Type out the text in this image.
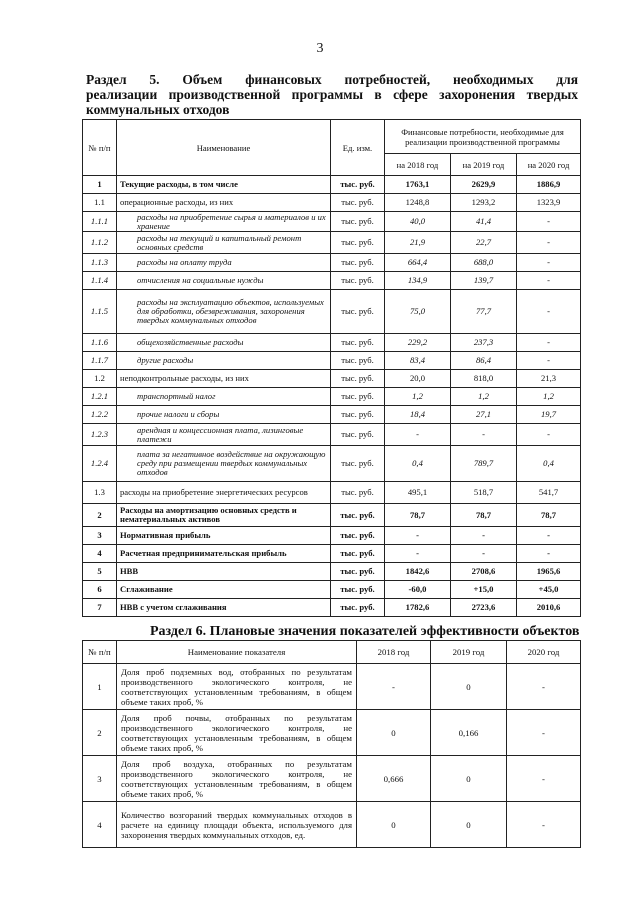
3
Раздел 5. Объем финансовых потребностей, необходимых для
реализации производственной программы в сфере захоронения твердых
коммунальных отходов
№ п/п	Наименование	Ед. изм.	Финансовые потребности, необходимые для реализации производственной программы		
			на 2018 год	на 2019 год	на 2020 год
1	Текущие расходы, в том числе	тыс. руб.	1763,1	2629,9	1886,9
1.1	операционные расходы, из них	тыс. руб.	1248,8	1293,2	1323,9
1.1.1	расходы на приобретение сырья и материалов и их хранение	тыс. руб.	40,0	41,4	-
1.1.2	расходы на текущий и капитальный ремонт основных средств	тыс. руб.	21,9	22,7	-
1.1.3	расходы на оплату труда	тыс. руб.	664,4	688,0	-
1.1.4	отчисления на социальные нужды	тыс. руб.	134,9	139,7	-
1.1.5	расходы на эксплуатацию объектов, используемых для обработки, обезвреживания, захоронения твердых коммунальных отходов	тыс. руб.	75,0	77,7	-
1.1.6	общехозяйственные расходы	тыс. руб.	229,2	237,3	-
1.1.7	другие расходы	тыс. руб.	83,4	86,4	-
1.2	неподконтрольные расходы, из них	тыс. руб.	20,0	818,0	21,3
1.2.1	транспортный налог	тыс. руб.	1,2	1,2	1,2
1.2.2	прочие налоги и сборы	тыс. руб.	18,4	27,1	19,7
1.2.3	арендная и концессионная плата, лизинговые платежи	тыс. руб.	-	-	-
1.2.4	плата за негативное воздействие на окружающую среду при размещении твердых коммунальных отходов	тыс. руб.	0,4	789,7	0,4
1.3	расходы на приобретение энергетических ресурсов	тыс. руб.	495,1	518,7	541,7
2	Расходы на амортизацию основных средств и нематериальных активов	тыс. руб.	78,7	78,7	78,7
3	Нормативная прибыль	тыс. руб.	-	-	-
4	Расчетная предпринимательская прибыль	тыс. руб.	-	-	-
5	НВВ	тыс. руб.	1842,6	2708,6	1965,6
6	Сглаживание	тыс. руб.	-60,0	+15,0	+45,0
7	НВВ с учетом сглаживания	тыс. руб.	1782,6	2723,6	2010,6
Раздел 6. Плановые значения показателей эффективности объектов
№ п/п	Наименование показателя	2018 год	2019 год	2020 год
1	Доля проб подземных вод, отобранных по результатам производственного экологического контроля, не соответствующих установленным требованиям, в общем объеме таких проб, %	-	0	-
2	Доля проб почвы, отобранных по результатам производственного экологического контроля, не соответствующих установленным требованиям, в общем объеме таких проб, %	0	0,166	-
3	Доля проб воздуха, отобранных по результатам производственного экологического контроля, не соответствующих установленным требованиям, в общем объеме таких проб, %	0,666	0	-
4	Количество возгораний твердых коммунальных отходов в расчете на единицу площади объекта, используемого для захоронения твердых коммунальных отходов, ед.	0	0	-
